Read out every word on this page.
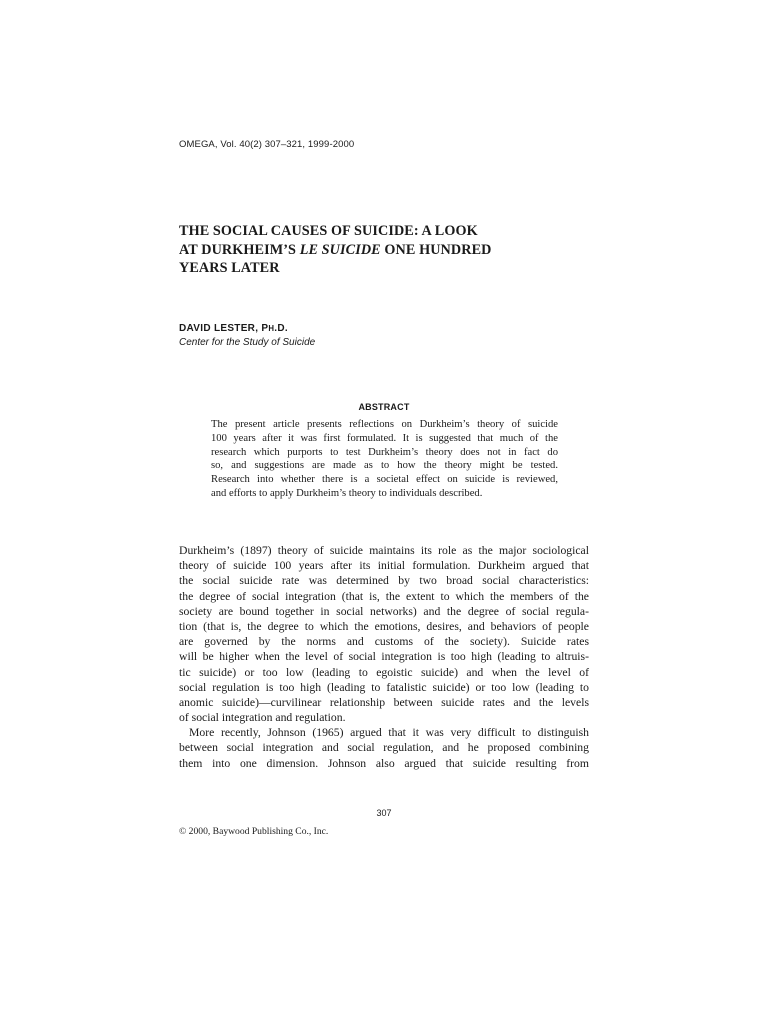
OMEGA, Vol. 40(2) 307–321, 1999-2000
THE SOCIAL CAUSES OF SUICIDE: A LOOK
AT DURKHEIM’S LE SUICIDE ONE HUNDRED
YEARS LATER
DAVID LESTER, PH.D.
Center for the Study of Suicide
ABSTRACT
The present article presents reflections on Durkheim’s theory of suicide
100 years after it was first formulated. It is suggested that much of the
research which purports to test Durkheim’s theory does not in fact do
so, and suggestions are made as to how the theory might be tested.
Research into whether there is a societal effect on suicide is reviewed,
and efforts to apply Durkheim’s theory to individuals described.
Durkheim’s (1897) theory of suicide maintains its role as the major sociological
theory of suicide 100 years after its initial formulation. Durkheim argued that
the social suicide rate was determined by two broad social characteristics:
the degree of social integration (that is, the extent to which the members of the
society are bound together in social networks) and the degree of social regula-
tion (that is, the degree to which the emotions, desires, and behaviors of people
are governed by the norms and customs of the society). Suicide rates
will be higher when the level of social integration is too high (leading to altruis-
tic suicide) or too low (leading to egoistic suicide) and when the level of
social regulation is too high (leading to fatalistic suicide) or too low (leading to
anomic suicide)—curvilinear relationship between suicide rates and the levels
of social integration and regulation.
More recently, Johnson (1965) argued that it was very difficult to distinguish
between social integration and social regulation, and he proposed combining
them into one dimension. Johnson also argued that suicide resulting from
307
© 2000, Baywood Publishing Co., Inc.
